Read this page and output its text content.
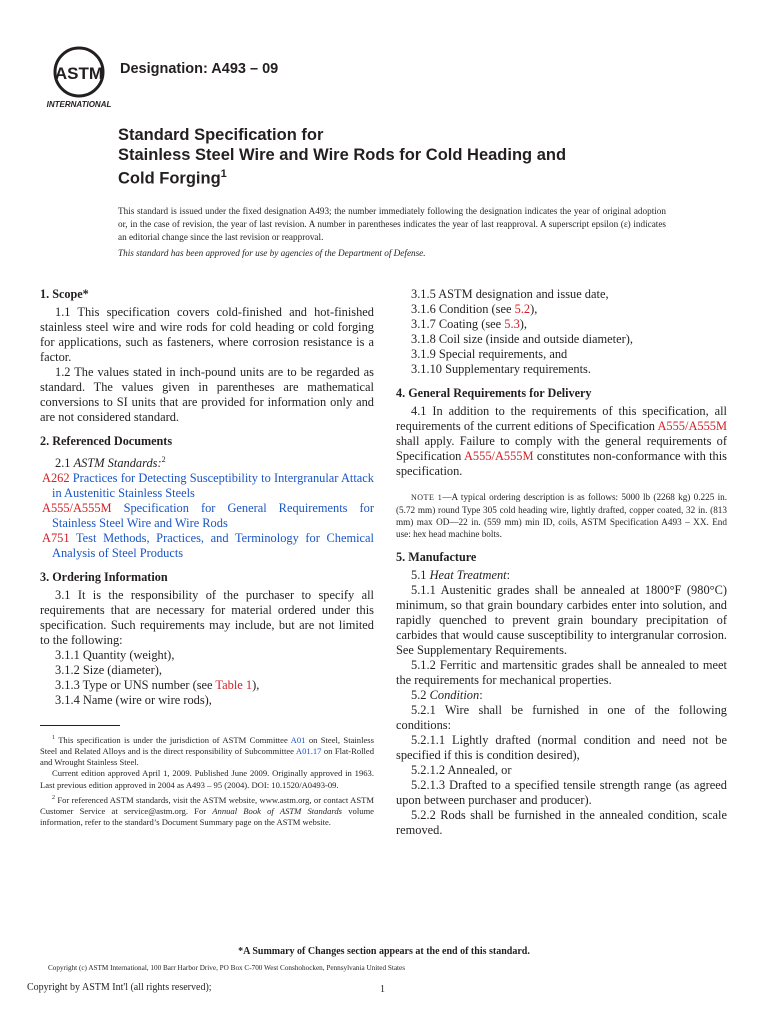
ASTM
INTERNATIONAL
Designation: A493 – 09
Standard Specification for
Stainless Steel Wire and Wire Rods for Cold Heading and
Cold Forging$^1$
This standard is issued under the fixed designation A493; the number immediately following the designation indicates the year of original adoption or, in the case of revision, the year of last revision. A number in parentheses indicates the year of last reapproval. A superscript epsilon (ε) indicates an editorial change since the last revision or reapproval.
This standard has been approved for use by agencies of the Department of Defense.

1. Scope*

1.1 This specification covers cold-finished and hot-finished stainless steel wire and wire rods for cold heading or cold forging for applications, such as fasteners, where corrosion resistance is a factor.

1.2 The values stated in inch-pound units are to be regarded as standard. The values given in parentheses are mathematical conversions to SI units that are provided for information only and are not considered standard.

2. Referenced Documents

2.1 ASTM Standards:$^2$

A262 Practices for Detecting Susceptibility to Intergranular Attack in Austenitic Stainless Steels

A555/A555M Specification for General Requirements for Stainless Steel Wire and Wire Rods

A751 Test Methods, Practices, and Terminology for Chemical Analysis of Steel Products

3. Ordering Information

3.1 It is the responsibility of the purchaser to specify all requirements that are necessary for material ordered under this specification. Such requirements may include, but are not limited to the following:

3.1.1 Quantity (weight),

3.1.2 Size (diameter),

3.1.3 Type or UNS number (see Table 1),

3.1.4 Name (wire or wire rods),

$^1$ This specification is under the jurisdiction of ASTM Committee A01 on Steel, Stainless Steel and Related Alloys and is the direct responsibility of Subcommittee A01.17 on Flat-Rolled and Wrought Stainless Steel.

Current edition approved April 1, 2009. Published June 2009. Originally approved in 1963. Last previous edition approved in 2004 as A493 – 95 (2004). DOI: 10.1520/A0493-09.

$^2$ For referenced ASTM standards, visit the ASTM website, www.astm.org, or contact ASTM Customer Service at service@astm.org. For Annual Book of ASTM Standards volume information, refer to the standard’s Document Summary page on the ASTM website.

3.1.5 ASTM designation and issue date,

3.1.6 Condition (see 5.2),

3.1.7 Coating (see 5.3),

3.1.8 Coil size (inside and outside diameter),

3.1.9 Special requirements, and

3.1.10 Supplementary requirements.

4. General Requirements for Delivery

4.1 In addition to the requirements of this specification, all requirements of the current editions of Specification A555/A555M shall apply. Failure to comply with the general requirements of Specification A555/A555M constitutes non-conformance with this specification.

NOTE 1—A typical ordering description is as follows: 5000 lb (2268 kg) 0.225 in. (5.72 mm) round Type 305 cold heading wire, lightly drafted, copper coated, 32 in. (813 mm) max OD—22 in. (559 mm) min ID, coils, ASTM Specification A493 – XX. End use: hex head machine bolts.

5. Manufacture

5.1 Heat Treatment:

5.1.1 Austenitic grades shall be annealed at 1800°F (980°C) minimum, so that grain boundary carbides enter into solution, and rapidly quenched to prevent grain boundary precipitation of carbides that would cause susceptibility to intergranular corrosion. See Supplementary Requirements.

5.1.2 Ferritic and martensitic grades shall be annealed to meet the requirements for mechanical properties.

5.2 Condition:

5.2.1 Wire shall be furnished in one of the following conditions:

5.2.1.1 Lightly drafted (normal condition and need not be specified if this is condition desired),

5.2.1.2 Annealed, or

5.2.1.3 Drafted to a specified tensile strength range (as agreed upon between purchaser and producer).

5.2.2 Rods shall be furnished in the annealed condition, scale removed.

*A Summary of Changes section appears at the end of this standard.
Copyright (c) ASTM International, 100 Barr Harbor Drive, PO Box C-700 West Conshohocken, Pennsylvania United States
Copyright by ASTM Int'l (all rights reserved);	1
